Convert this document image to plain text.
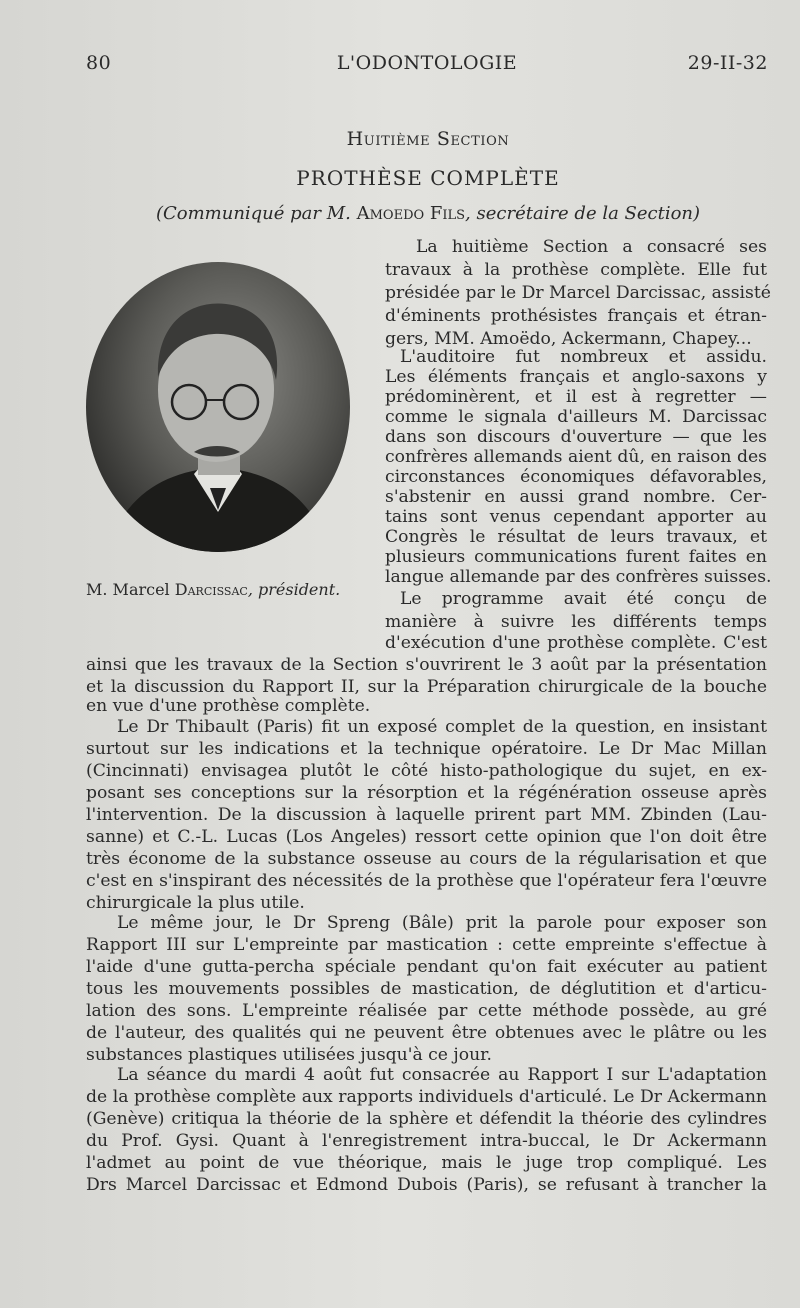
80	L'ODONTOLOGIE	29-II-32
Huitième Section
PROTHÈSE COMPLÈTE
(Communiqué par M. Amoedo Fils, secrétaire de la Section)
M. Marcel Darcissac, président.
La huitième Section a consacré ses
travaux à la prothèse complète. Elle fut
présidée par le Dr Marcel Darcissac, assisté
d'éminents prothésistes français et étran-
gers, MM. Amoëdo, Ackermann, Chapey...
L'auditoire fut nombreux et assidu.
Les éléments français et anglo-saxons y
prédominèrent, et il est à regretter —
comme le signala d'ailleurs M. Darcissac
dans son discours d'ouverture — que les
confrères allemands aient dû, en raison des
circonstances économiques défavorables,
s'abstenir en aussi grand nombre. Cer-
tains sont venus cependant apporter au
Congrès le résultat de leurs travaux, et
plusieurs communications furent faites en
langue allemande par des confrères suisses.
Le programme avait été conçu de
manière à suivre les différents temps
d'exécution d'une prothèse complète. C'est
ainsi que les travaux de la Section s'ouvrirent le 3 août par la présentation
et la discussion du Rapport II, sur la Préparation chirurgicale de la bouche
en vue d'une prothèse complète.
Le Dr Thibault (Paris) fit un exposé complet de la question, en insistant
surtout sur les indications et la technique opératoire. Le Dr Mac Millan
(Cincinnati) envisagea plutôt le côté histo-pathologique du sujet, en ex-
posant ses conceptions sur la résorption et la régénération osseuse après
l'intervention. De la discussion à laquelle prirent part MM. Zbinden (Lau-
sanne) et C.-L. Lucas (Los Angeles) ressort cette opinion que l'on doit être
très économe de la substance osseuse au cours de la régularisation et que
c'est en s'inspirant des nécessités de la prothèse que l'opérateur fera l'œuvre
chirurgicale la plus utile.
Le même jour, le Dr Spreng (Bâle) prit la parole pour exposer son
Rapport III sur L'empreinte par mastication : cette empreinte s'effectue à
l'aide d'une gutta-percha spéciale pendant qu'on fait exécuter au patient
tous les mouvements possibles de mastication, de déglutition et d'articu-
lation des sons. L'empreinte réalisée par cette méthode possède, au gré
de l'auteur, des qualités qui ne peuvent être obtenues avec le plâtre ou les
substances plastiques utilisées jusqu'à ce jour.
La séance du mardi 4 août fut consacrée au Rapport I sur L'adaptation
de la prothèse complète aux rapports individuels d'articulé. Le Dr Ackermann
(Genève) critiqua la théorie de la sphère et défendit la théorie des cylindres
du Prof. Gysi. Quant à l'enregistrement intra-buccal, le Dr Ackermann
l'admet au point de vue théorique, mais le juge trop compliqué. Les
Drs Marcel Darcissac et Edmond Dubois (Paris), se refusant à trancher la
